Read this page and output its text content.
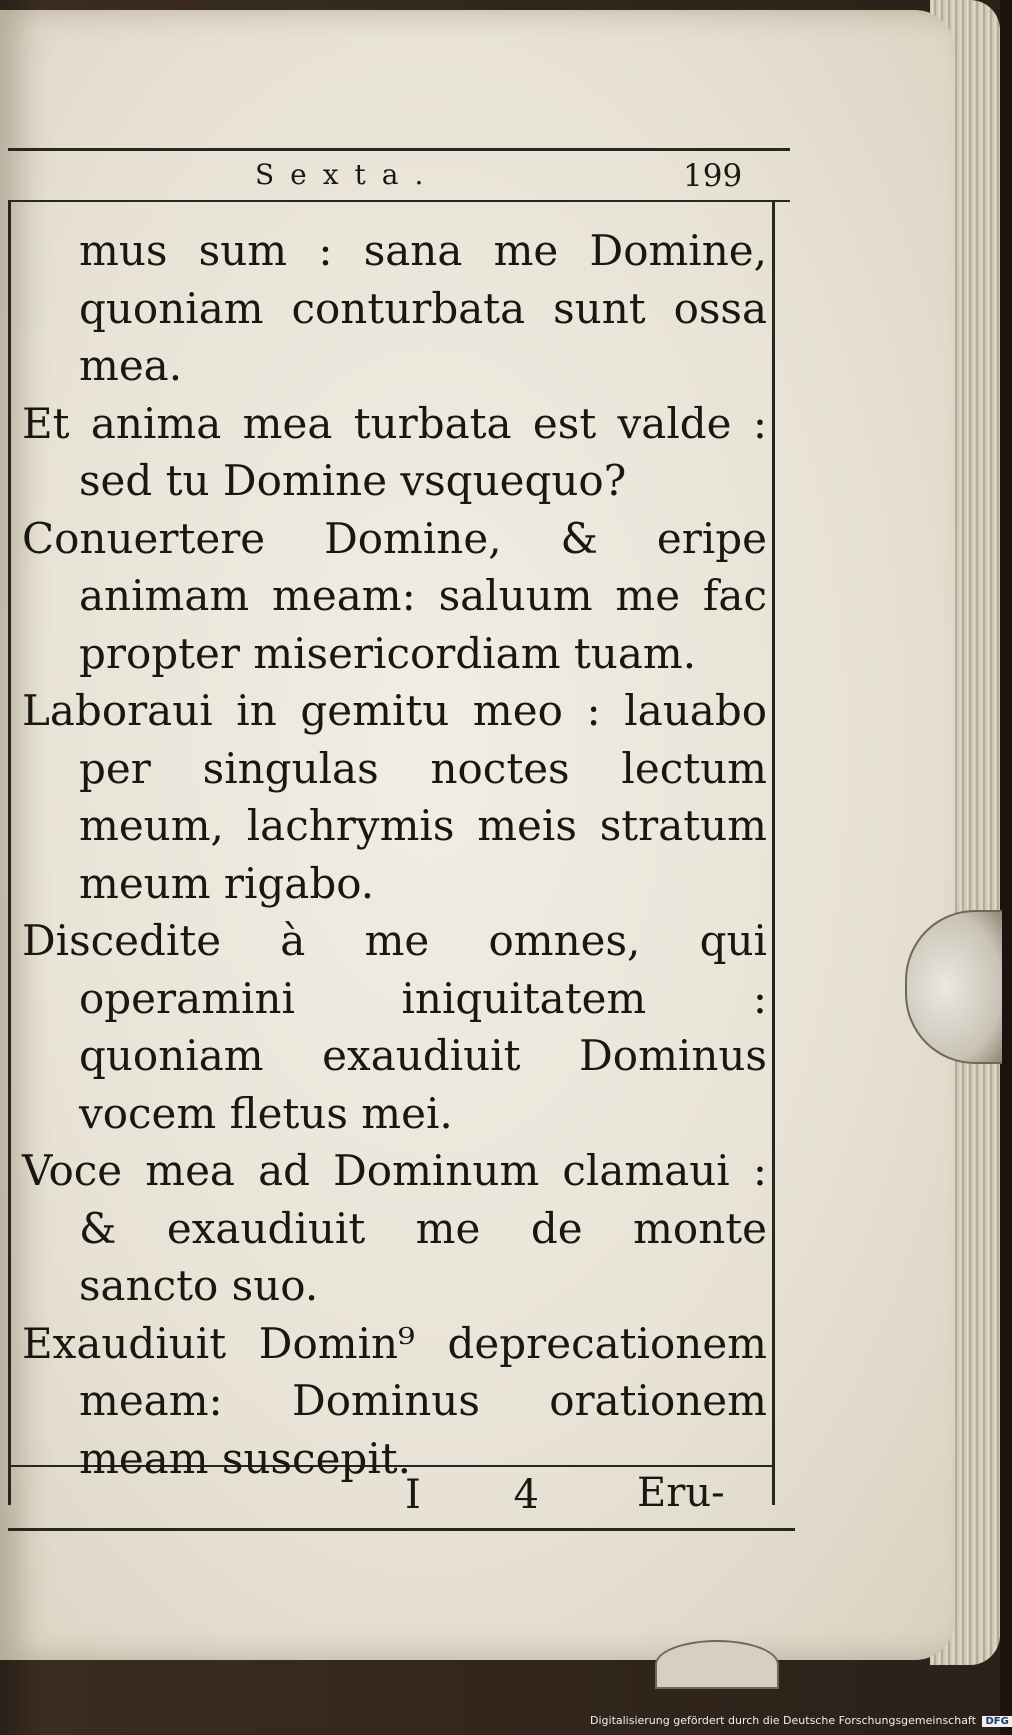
Sexta.	199

mus sum : sana me Domine, quoniam conturbata sunt ossa mea.

Et anima mea turbata est valde : sed tu Domine vsquequo?

Conuertere Domine, & eripe animam meam: saluum me fac propter misericordiam tuam.

Laboraui in gemitu meo : lauabo per singulas noctes lectum meum, lachrymis meis stratum meum rigabo.

Discedite à me omnes, qui operamini iniquitatem : quoniam exaudiuit Dominus vocem fletus mei.

Voce mea ad Dominum clamaui : & exaudiuit me de monte sancto suo.

Exaudiuit Domin⁹ deprecationem meam: Dominus orationem meam suscepit.

I 4 Eru-
Digitalisierung gefördert durch die Deutsche Forschungsgemeinschaft DFG
